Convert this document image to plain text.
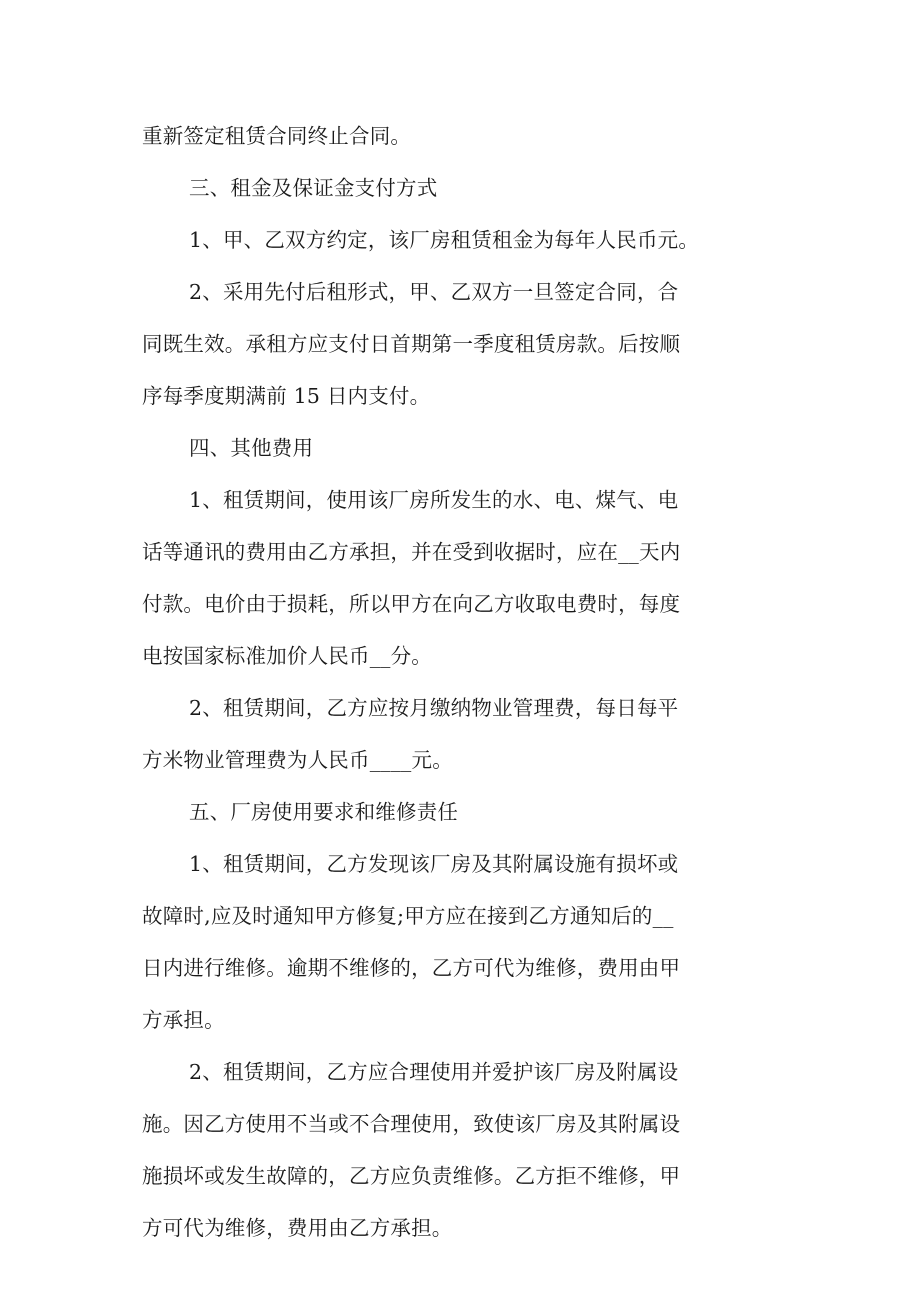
重新签定租赁合同终止合同。
三、租金及保证金支付方式
1、甲、乙双方约定，该厂房租赁租金为每年人民币元。
2、采用先付后租形式，甲、乙双方一旦签定合同，合
同既生效。承租方应支付日首期第一季度租赁房款。后按顺
序每季度期满前 15 日内支付。
四、其他费用
1、租赁期间，使用该厂房所发生的水、电、煤气、电
话等通讯的费用由乙方承担，并在受到收据时，应在__天内
付款。电价由于损耗，所以甲方在向乙方收取电费时，每度
电按国家标准加价人民币__分。
2、租赁期间，乙方应按月缴纳物业管理费，每日每平
方米物业管理费为人民币____元。
五、厂房使用要求和维修责任
1、租赁期间，乙方发现该厂房及其附属设施有损坏或
故障时,应及时通知甲方修复;甲方应在接到乙方通知后的__
日内进行维修。逾期不维修的，乙方可代为维修，费用由甲
方承担。
2、租赁期间，乙方应合理使用并爱护该厂房及附属设
施。因乙方使用不当或不合理使用，致使该厂房及其附属设
施损坏或发生故障的，乙方应负责维修。乙方拒不维修，甲
方可代为维修，费用由乙方承担。
